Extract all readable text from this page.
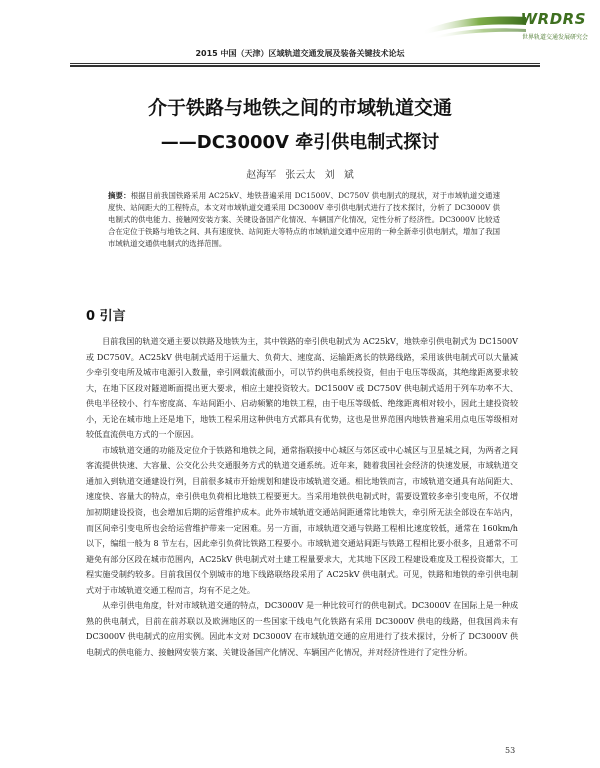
WRDRS
世界轨道交通发展研究会
2015 中国（天津）区域轨道交通发展及装备关键技术论坛
介于铁路与地铁之间的市域轨道交通
——DC3000V 牵引供电制式探讨
赵海军 张云太 刘 斌
摘要：根据目前我国铁路采用 AC25kV、地铁普遍采用 DC1500V、DC750V 供电制式的现状，对于市域轨道交通速度快、站间距大的工程特点，本文对市域轨道交通采用 DC3000V 牵引供电制式进行了技术探讨，分析了 DC3000V 供电制式的供电能力、接触网安装方案、关键设备国产化情况、车辆国产化情况，定性分析了经济性。DC3000V 比较适合在定位于铁路与地铁之间、具有速度快、站间距大等特点的市域轨道交通中应用的一种全新牵引供电制式，增加了我国市域轨道交通供电制式的选择范围。
0 引言

目前我国的轨道交通主要以铁路及地铁为主，其中铁路的牵引供电制式为 AC25kV，地铁牵引供电制式为 DC1500V 或 DC750V。AC25kV 供电制式适用于运量大、负荷大、速度高、运输距离长的铁路线路，采用该供电制式可以大量减少牵引变电所及城市电源引入数量，牵引网载流截面小，可以节约供电系统投资，但由于电压等级高，其绝缘距离要求较大，在地下区段对隧道断面提出更大要求，相应土建投资较大。DC1500V 或 DC750V 供电制式适用于列车功率不大、供电半径较小、行车密度高、车站间距小、启动频繁的地铁工程，由于电压等级低、绝缘距离相对较小，因此土建投资较小，无论在城市地上还是地下，地铁工程采用这种供电方式都具有优势，这也是世界范围内地铁普遍采用点电压等级相对较低直流供电方式的一个原因。

市域轨道交通的功能及定位介于铁路和地铁之间，通常指联接中心城区与郊区或中心城区与卫星城之间，为两者之间客流提供快速、大容量、公交化公共交通服务方式的轨道交通系统。近年来，随着我国社会经济的快速发展，市域轨道交通加入到轨道交通建设行列，目前很多城市开始规划和建设市域轨道交通。相比地铁而言，市域轨道交通具有站间距大、速度快、容量大的特点，牵引供电负荷相比地铁工程要更大。当采用地铁供电制式时，需要设置较多牵引变电所，不仅增加初期建设投资，也会增加后期的运营维护成本。此外市域轨道交通站间距通常比地铁大，牵引所无法全部设在车站内，而区间牵引变电所也会给运营维护带来一定困难。另一方面，市域轨道交通与铁路工程相比速度较低，通常在 160km/h 以下，编组一般为 8 节左右，因此牵引负荷比铁路工程要小。市域轨道交通站间距与铁路工程相比要小很多，且通常不可避免有部分区段在城市范围内，AC25kV 供电制式对土建工程量要求大，尤其地下区段工程建设难度及工程投资都大，工程实施受制约较多。目前我国仅个别城市的地下线路联络段采用了 AC25kV 供电制式。可见，铁路和地铁的牵引供电制式对于市域轨道交通工程而言，均有不足之处。

从牵引供电角度，针对市域轨道交通的特点，DC3000V 是一种比较可行的供电制式。DC3000V 在国际上是一种成熟的供电制式，目前在前苏联以及欧洲地区的一些国家干线电气化铁路有采用 DC3000V 供电的线路，但我国尚未有 DC3000V 供电制式的应用实例。因此本文对 DC3000V 在市域轨道交通的应用进行了技术探讨，分析了 DC3000V 供电制式的供电能力、接触网安装方案、关键设备国产化情况、车辆国产化情况，并对经济性进行了定性分析。

53
